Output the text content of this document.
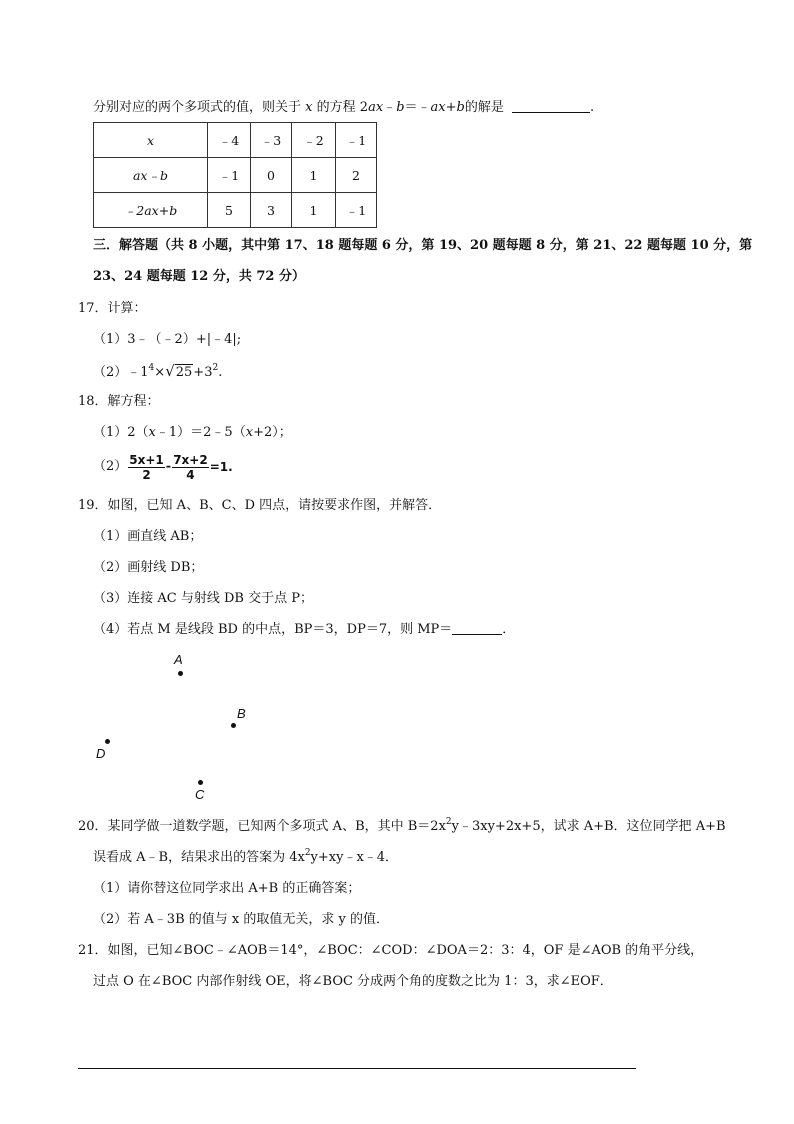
分别对应的两个多项式的值，则关于 x 的方程 2ax﹣b＝﹣ax+b的解是	.
x	﹣4	﹣3	﹣2	﹣1
ax﹣b	﹣1	0	1	2
﹣2ax+b	5	3	1	﹣1
三．解答题（共 8 小题，其中第 17、18 题每题 6 分，第 19、20 题每题 8 分，第 21、22 题每题 10 分，第
23、24 题每题 12 分，共 72 分）
17．计算：
（1）3﹣（﹣2）+|﹣4|;
$(2)﹣1^4\times√25+3^2$.
18．解方程：
（1）2（x﹣1）＝2﹣5（x+2）；
$(2) \frac{5x+1}{2} - \frac{7x+2}{4} =1$.
19．如图，已知 A、B、C、D 四点，请按要求作图，并解答．
（1）画直线 AB；
（2）画射线 DB；
（3）连接 AC 与射线 DB 交于点 P；
（4）若点 M 是线段 BD 的中点，BP＝3，DP＝7，则 MP＝	．
A
B
D
C
20．某同学做一道数学题，已知两个多项式 A、B，其中 $B=2x^2y﹣3xy+2x+5$，试求 A+B．这位同学把 A+B
误看成 A﹣B，结果求出的答案为 $4x^2y+xy﹣x﹣4$．
（1）请你替这位同学求出 A+B 的正确答案；
（2）若 A﹣3B 的值与 x 的取值无关，求 y 的值．
21．如图，已知∠BOC﹣∠AOB＝14°，∠BOC：∠COD：∠DOA＝2：3：4，OF 是∠AOB 的角平分线，
过点 O 在∠BOC 内部作射线 OE，将∠BOC 分成两个角的度数之比为 1：3，求∠EOF．
